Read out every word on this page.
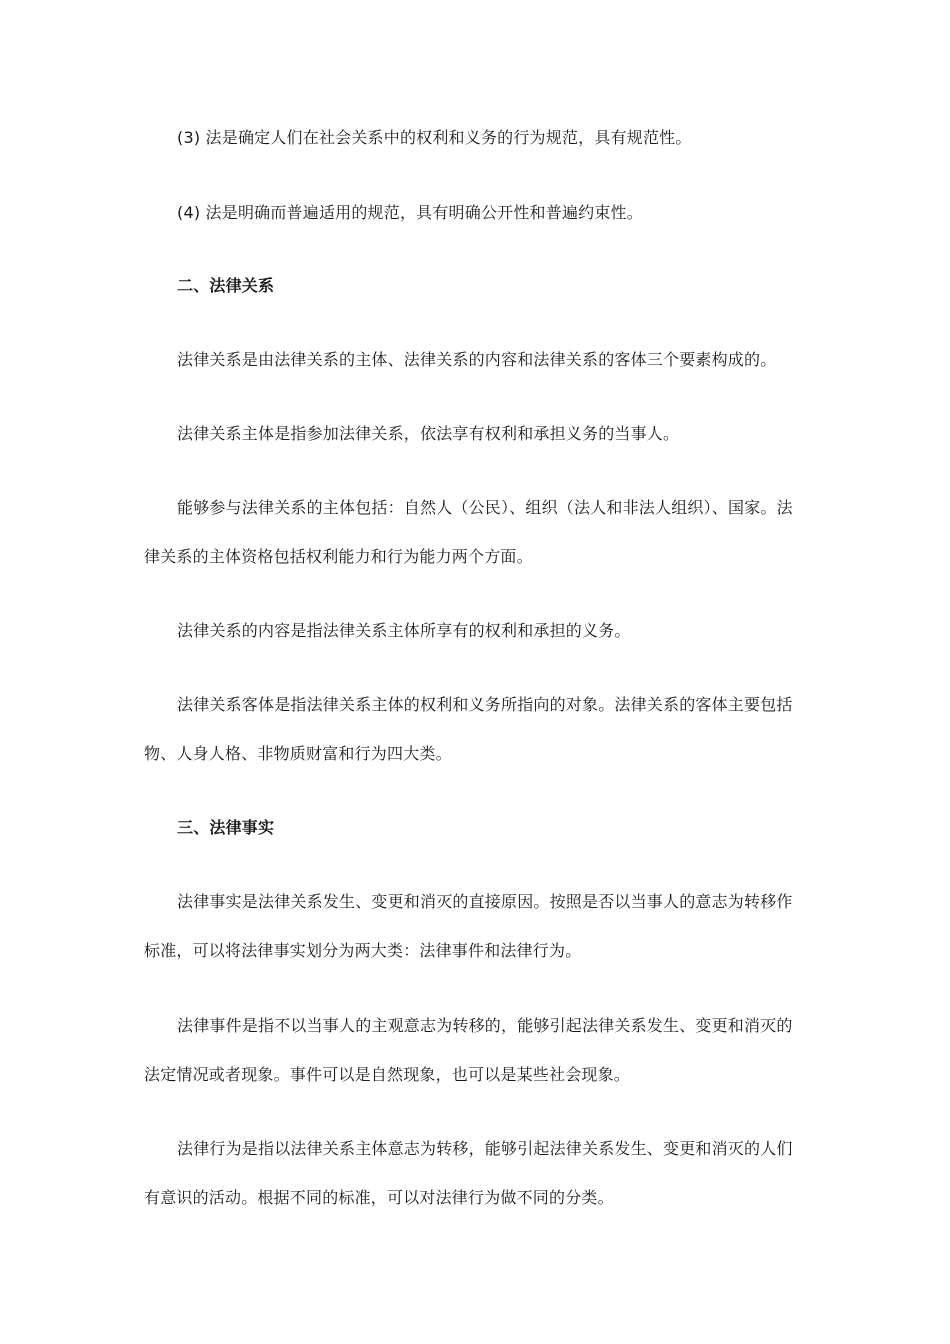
(3) 法是确定人们在社会关系中的权利和义务的行为规范，具有规范性。
(4) 法是明确而普遍适用的规范，具有明确公开性和普遍约束性。
二、法律关系
法律关系是由法律关系的主体、法律关系的内容和法律关系的客体三个要素构成的。
法律关系主体是指参加法律关系，依法享有权利和承担义务的当事人。
能够参与法律关系的主体包括：自然人（公民）、组织（法人和非法人组织）、国家。法
律关系的主体资格包括权利能力和行为能力两个方面。
法律关系的内容是指法律关系主体所享有的权利和承担的义务。
法律关系客体是指法律关系主体的权利和义务所指向的对象。法律关系的客体主要包括
物、人身人格、非物质财富和行为四大类。
三、法律事实
法律事实是法律关系发生、变更和消灭的直接原因。按照是否以当事人的意志为转移作
标准，可以将法律事实划分为两大类：法律事件和法律行为。
法律事件是指不以当事人的主观意志为转移的，能够引起法律关系发生、变更和消灭的
法定情况或者现象。事件可以是自然现象，也可以是某些社会现象。
法律行为是指以法律关系主体意志为转移，能够引起法律关系发生、变更和消灭的人们
有意识的活动。根据不同的标准，可以对法律行为做不同的分类。
